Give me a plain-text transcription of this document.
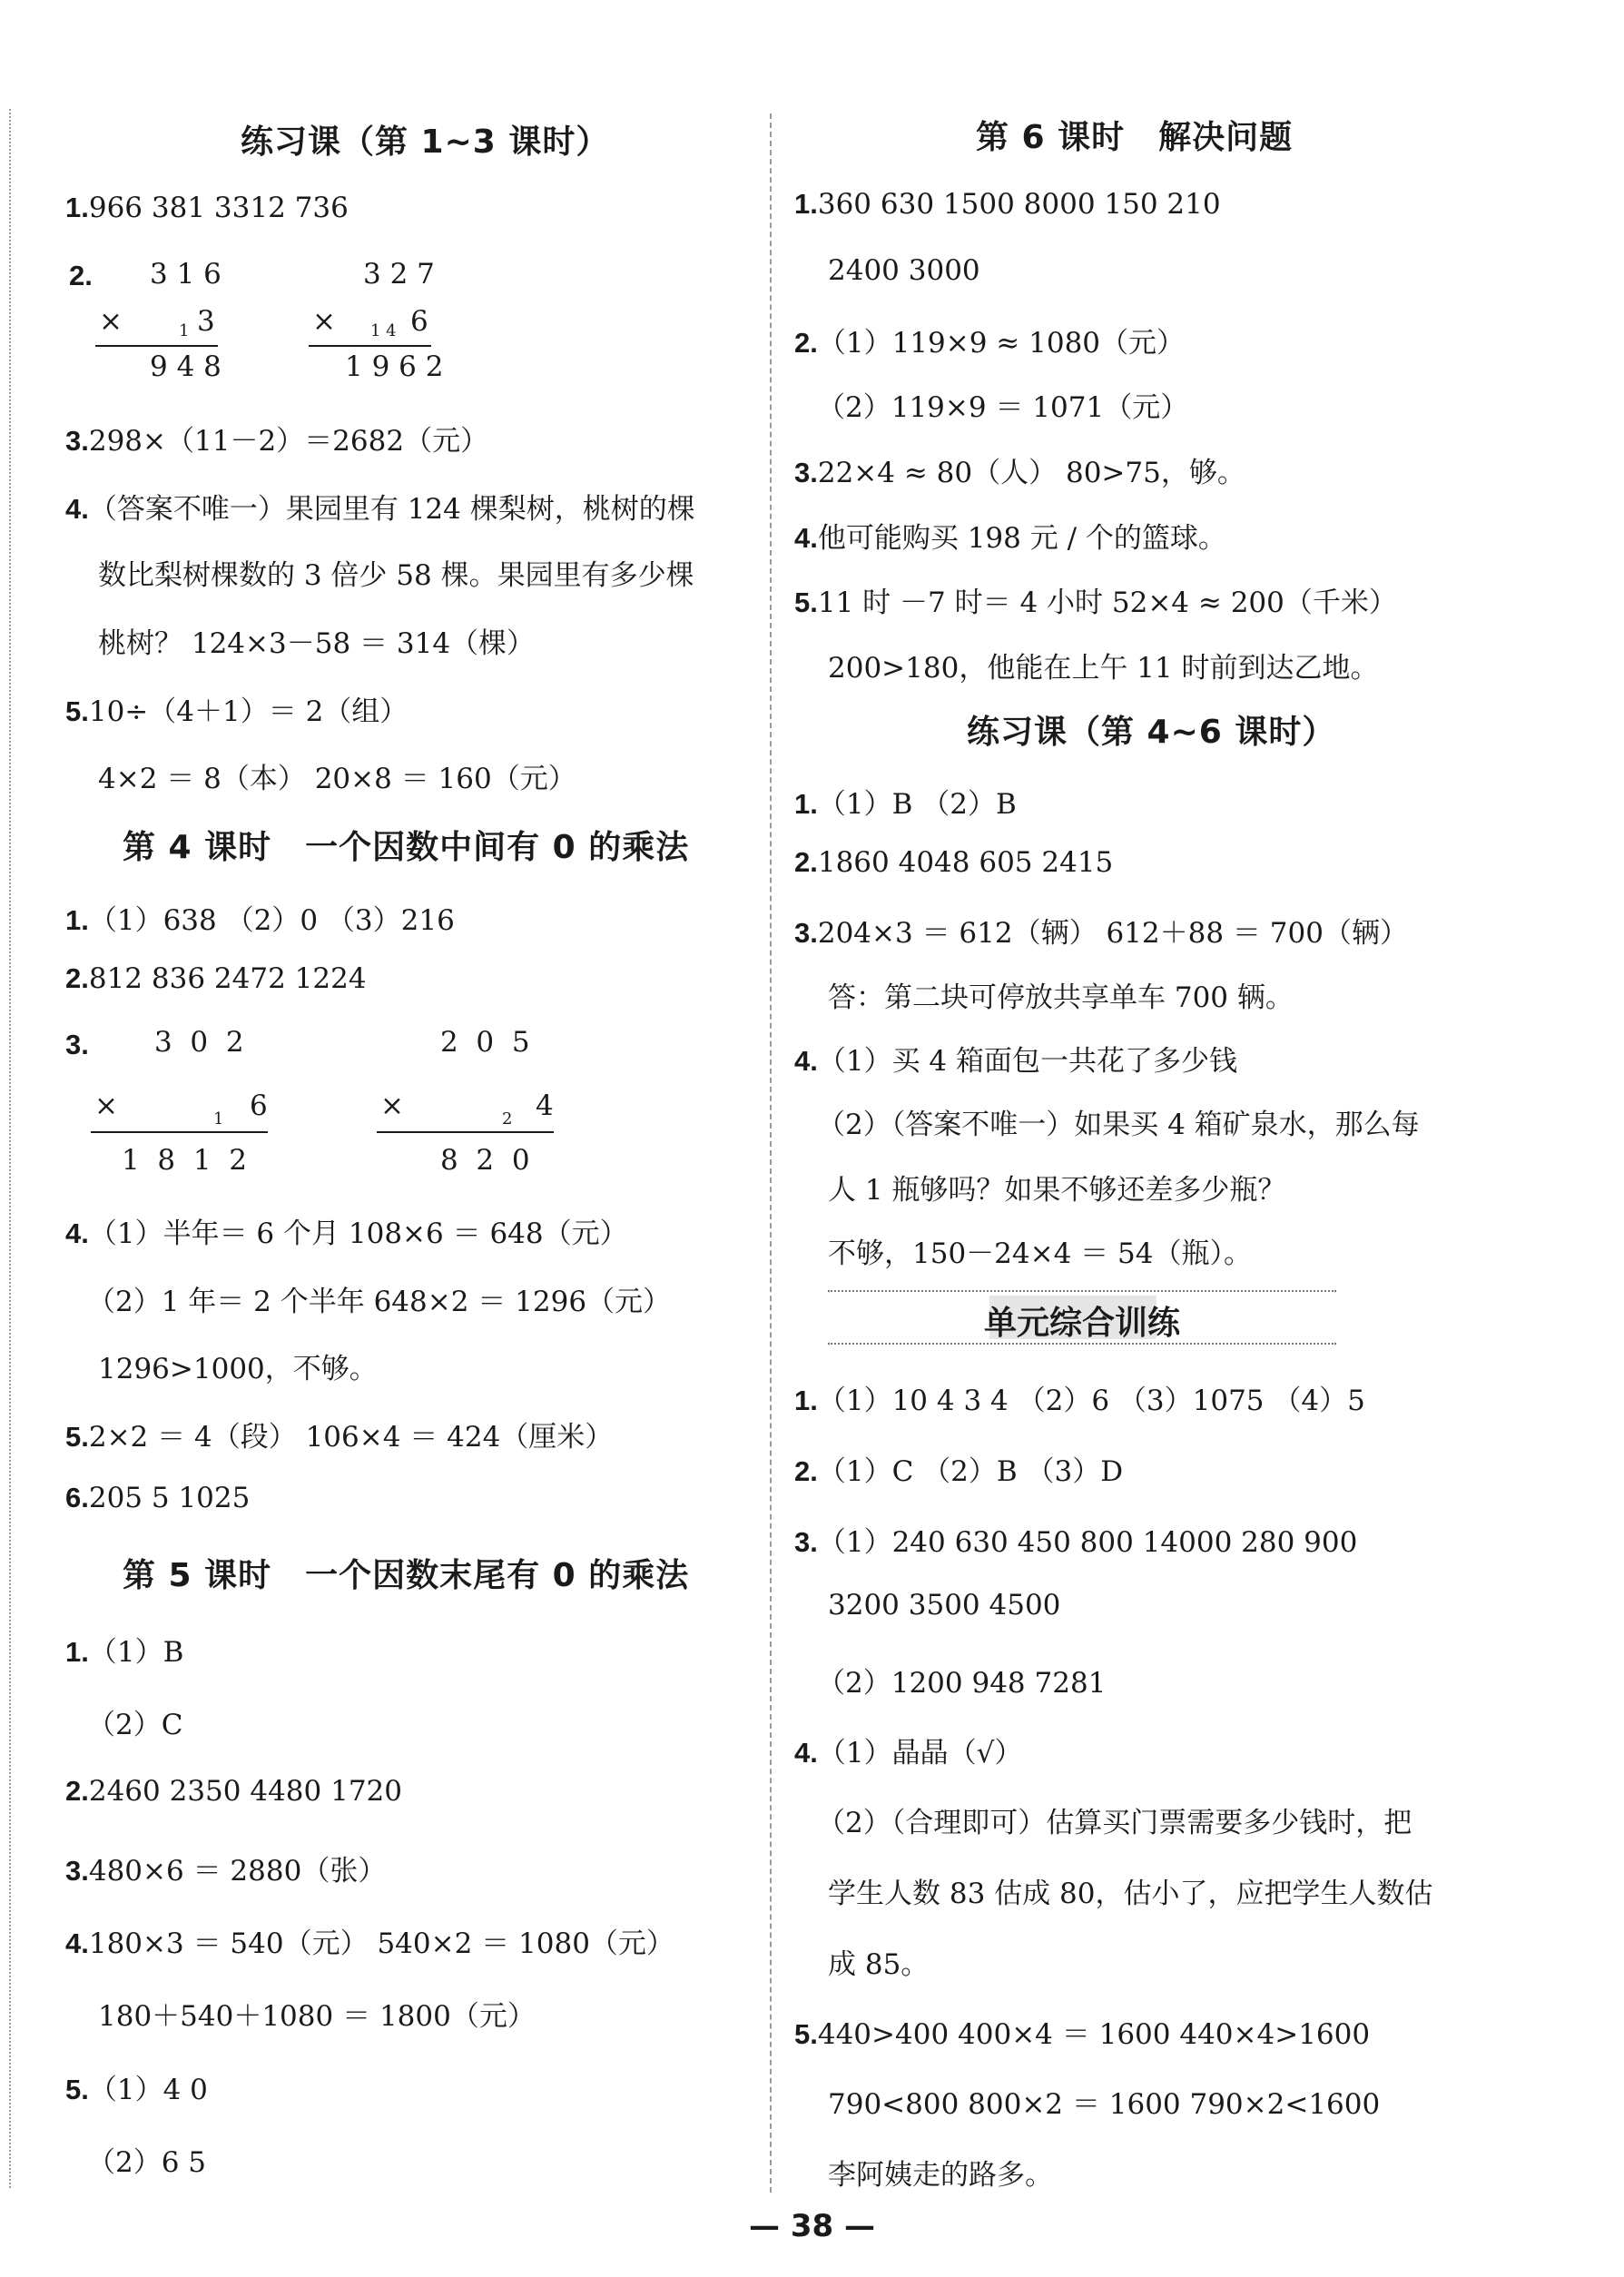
练习课（第 1~3 课时）
1.966 381 3312 736
2. 3 1 6
×	1 3
9 4 8
3 2 7
× 1 4 6
1 9 6 2
3.298×（11－2）＝2682（元）
4.（答案不唯一）果园里有 124 棵梨树，桃树的棵
数比梨树棵数的 3 倍少 58 棵。果园里有多少棵
桃树？ 124×3－58 ＝ 314（棵）
5.10÷（4＋1）＝ 2（组）
4×2 ＝ 8（本） 20×8 ＝ 160（元）
第 4 课时　一个因数中间有 0 的乘法
1.（1）638 （2）0 （3）216
2.812 836 2472 1224
3. 3  0  2
×	1 6
1  8  1  2
2  0  5
×	2 4
8  2  0
4.（1）半年＝ 6 个月 108×6 ＝ 648（元）
（2）1 年＝ 2 个半年 648×2 ＝ 1296（元）
1296>1000，不够。
5.2×2 ＝ 4（段） 106×4 ＝ 424（厘米）
6.205 5 1025
第 5 课时　一个因数末尾有 0 的乘法
1.（1）B
（2）C
2.2460 2350 4480 1720
3.480×6 ＝ 2880（张）
4.180×3 ＝ 540（元） 540×2 ＝ 1080（元）
180＋540＋1080 ＝ 1800（元）
5.（1）4 0
（2）6 5
第 6 课时　解决问题
1.360 630 1500 8000 150 210
2400 3000
2.（1）119×9 ≈ 1080（元）
（2）119×9 ＝ 1071（元）
3.22×4 ≈ 80（人） 80>75，够。
4.他可能购买 198 元 / 个的篮球。
5.11 时 －7 时＝ 4 小时 52×4 ≈ 200（千米）
200>180，他能在上午 11 时前到达乙地。
练习课（第 4~6 课时）
1.（1）B （2）B
2.1860 4048 605 2415
3.204×3 ＝ 612（辆） 612＋88 ＝ 700（辆）
答：第二块可停放共享单车 700 辆。
4.（1）买 4 箱面包一共花了多少钱
（2）（答案不唯一）如果买 4 箱矿泉水，那么每
人 1 瓶够吗？如果不够还差多少瓶？
不够，150－24×4 ＝ 54（瓶）。
1.（1）10 4 3 4 （2）6 （3）1075 （4）5
2.（1）C （2）B （3）D
3.（1）240 630 450 800 14000 280 900
3200 3500 4500
（2）1200 948 7281
4.（1）晶晶（√）
（2）（合理即可）估算买门票需要多少钱时，把
学生人数 83 估成 80，估小了，应把学生人数估
成 85。
5.440>400 400×4 ＝ 1600 440×4>1600
790<800 800×2 ＝ 1600 790×2<1600
李阿姨走的路多。
单元综合训练
— 38 —
